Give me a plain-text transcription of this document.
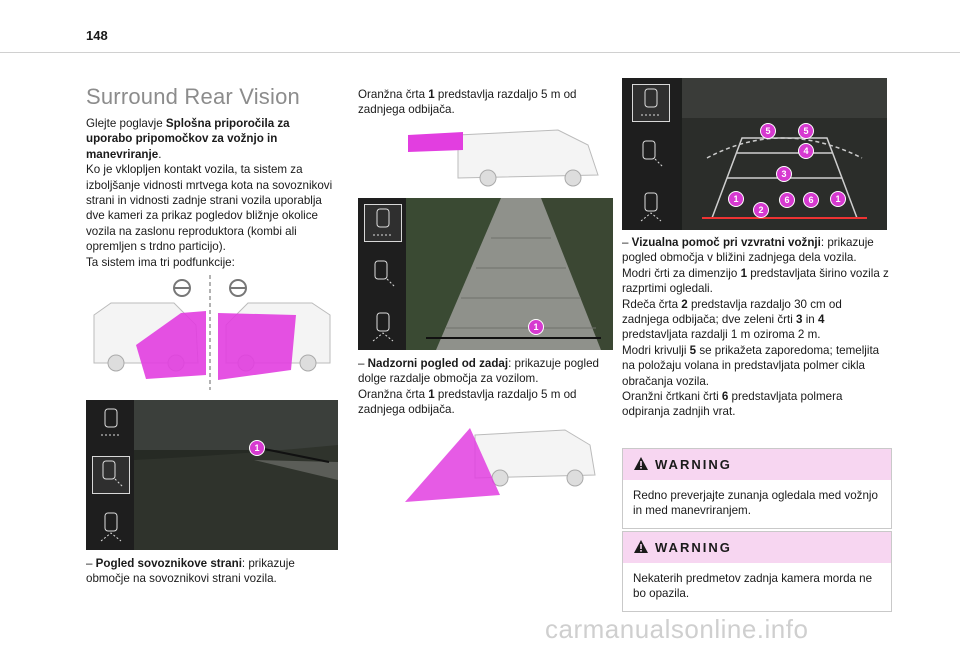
148
Surround Rear Vision

Glejte poglavje Splošna priporočila za uporabo pripomočkov za vožnjo in manevriranje.

Ko je vklopljen kontakt vozila, ta sistem za izboljšanje vidnosti mrtvega kota na sovoznikovi strani in vidnosti zadnje strani vozila uporablja dve kameri za prikaz pogledov bližnje okolice vozila na zaslonu reproduktora (kombi ali opremljen s trdno particijo).

Ta sistem ima tri podfunkcije:

1

– Pogled sovoznikove strani: prikazuje območje na sovoznikovi strani vozila.

Oranžna črta 1 predstavlja razdaljo 5 m od zadnjega odbijača.

1

– Nadzorni pogled od zadaj: prikazuje pogled dolge razdalje območja za vozilom.

Oranžna črta 1 predstavlja razdaljo 5 m od zadnjega odbijača.

5	5
4
3
1
2
6	6	1

– Vizualna pomoč pri vzvratni vožnji: prikazuje pogled območja v bližini zadnjega dela vozila.

Modri črti za dimenzijo 1 predstavljata širino vozila z razprtimi ogledali.

Rdeča črta 2 predstavlja razdaljo 30 cm od zadnjega odbijača; dve zeleni črti 3 in 4 predstavljata razdalji 1 m oziroma 2 m.

Modri krivulji 5 se prikažeta zaporedoma; temeljita na položaju volana in predstavljata polmer cikla obračanja vozila.

Oranžni črtkani črti 6 predstavljata polmera odpiranja zadnjih vrat.

WARNING
Redno preverjajte zunanja ogledala med vožnjo in med manevriranjem.
WARNING
Nekaterih predmetov zadnja kamera morda ne bo opazila.
carmanualsonline.info
